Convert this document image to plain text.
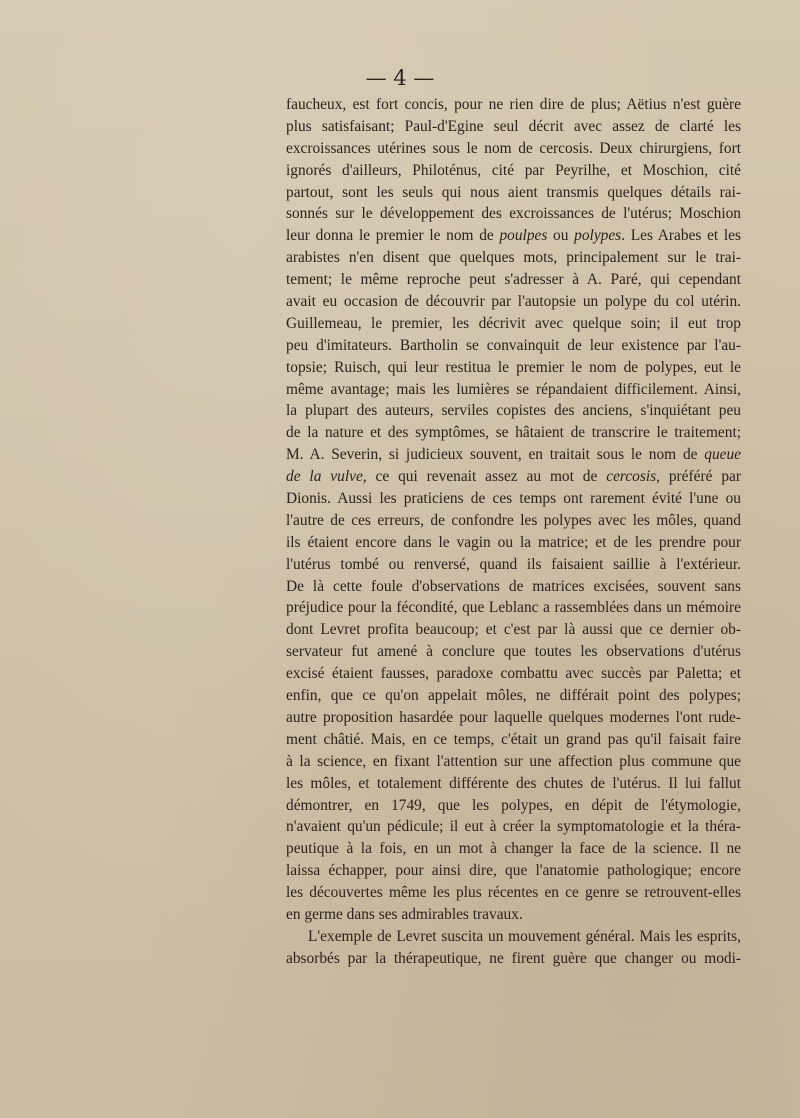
— 4 —
faucheux, est fort concis, pour ne rien dire de plus; Aëtius n'est guère
plus satisfaisant; Paul-d'Egine seul décrit avec assez de clarté les
excroissances utérines sous le nom de cercosis. Deux chirurgiens, fort
ignorés d'ailleurs, Philoténus, cité par Peyrilhe, et Moschion, cité
partout, sont les seuls qui nous aient transmis quelques détails rai-
sonnés sur le développement des excroissances de l'utérus; Moschion
leur donna le premier le nom de poulpes ou polypes. Les Arabes et les
arabistes n'en disent que quelques mots, principalement sur le trai-
tement; le même reproche peut s'adresser à A. Paré, qui cependant
avait eu occasion de découvrir par l'autopsie un polype du col utérin.
Guillemeau, le premier, les décrivit avec quelque soin; il eut trop
peu d'imitateurs. Bartholin se convainquit de leur existence par l'au-
topsie; Ruisch, qui leur restitua le premier le nom de polypes, eut le
même avantage; mais les lumières se répandaient difficilement. Ainsi,
la plupart des auteurs, serviles copistes des anciens, s'inquiétant peu
de la nature et des symptômes, se hâtaient de transcrire le traitement;
M. A. Severin, si judicieux souvent, en traitait sous le nom de queue
de la vulve, ce qui revenait assez au mot de cercosis, préféré par
Dionis. Aussi les praticiens de ces temps ont rarement évité l'une ou
l'autre de ces erreurs, de confondre les polypes avec les môles, quand
ils étaient encore dans le vagin ou la matrice; et de les prendre pour
l'utérus tombé ou renversé, quand ils faisaient saillie à l'extérieur.
De là cette foule d'observations de matrices excisées, souvent sans
préjudice pour la fécondité, que Leblanc a rassemblées dans un mémoire
dont Levret profita beaucoup; et c'est par là aussi que ce dernier ob-
servateur fut amené à conclure que toutes les observations d'utérus
excisé étaient fausses, paradoxe combattu avec succès par Paletta; et
enfin, que ce qu'on appelait môles, ne différait point des polypes;
autre proposition hasardée pour laquelle quelques modernes l'ont rude-
ment châtié. Mais, en ce temps, c'était un grand pas qu'il faisait faire
à la science, en fixant l'attention sur une affection plus commune que
les môles, et totalement différente des chutes de l'utérus. Il lui fallut
démontrer, en 1749, que les polypes, en dépit de l'étymologie,
n'avaient qu'un pédicule; il eut à créer la symptomatologie et la théra-
peutique à la fois, en un mot à changer la face de la science. Il ne
laissa échapper, pour ainsi dire, que l'anatomie pathologique; encore
les découvertes même les plus récentes en ce genre se retrouvent-elles
en germe dans ses admirables travaux.
L'exemple de Levret suscita un mouvement général. Mais les esprits,
absorbés par la thérapeutique, ne firent guère que changer ou modi-
